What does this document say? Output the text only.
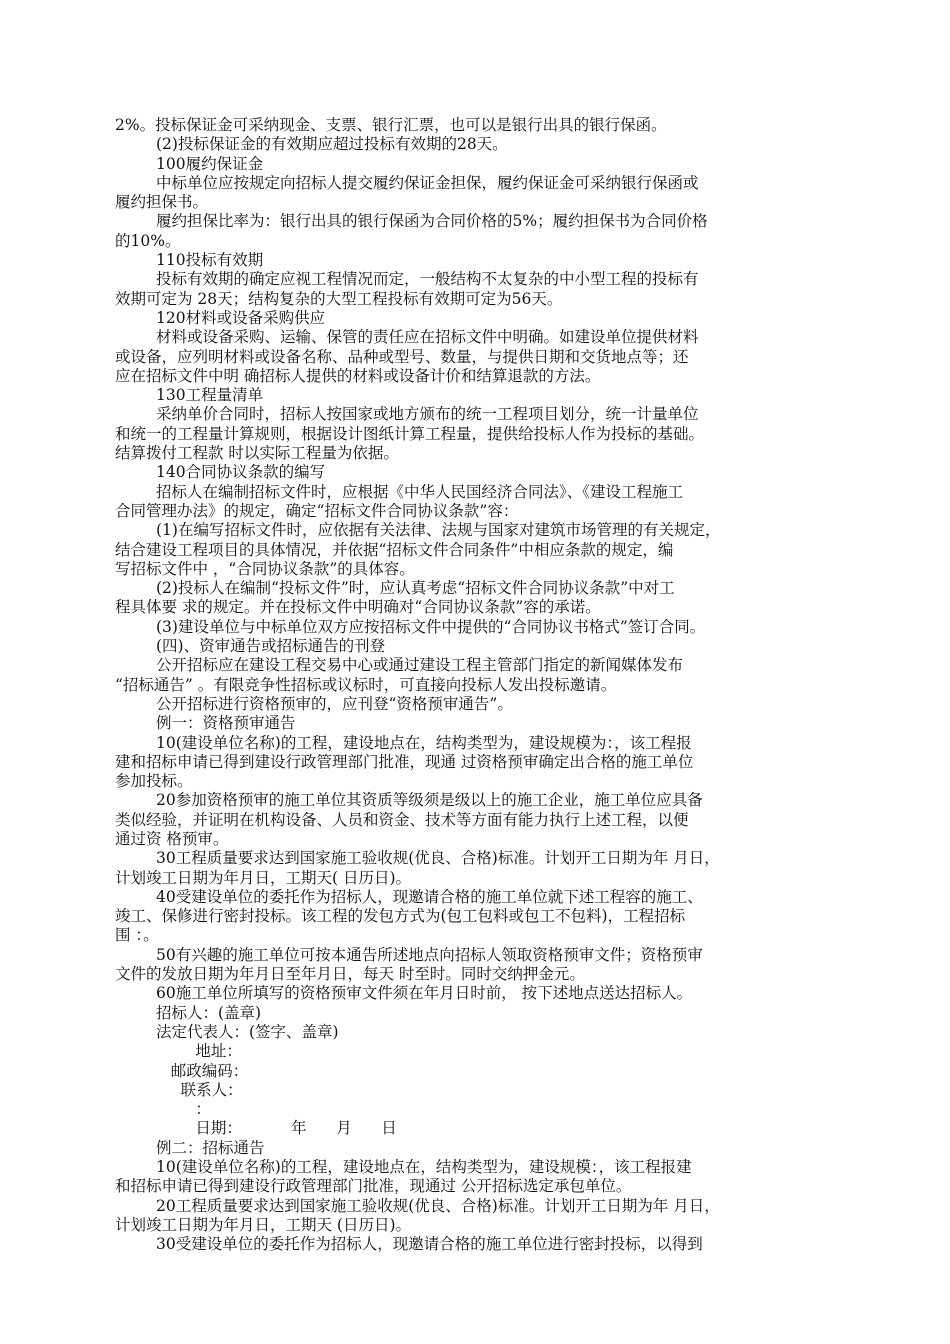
2%。投标保证金可采纳现金、支票、银行汇票，也可以是银行出具的银行保函。
(2)投标保证金的有效期应超过投标有效期的28天。
100履约保证金
中标单位应按规定向招标人提交履约保证金担保，履约保证金可采纳银行保函或
履约担保书。
履约担保比率为：银行出具的银行保函为合同价格的5%；履约担保书为合同价格
的10%。
110投标有效期
投标有效期的确定应视工程情况而定，一般结构不太复杂的中小型工程的投标有
效期可定为 28天；结构复杂的大型工程投标有效期可定为56天。
120材料或设备采购供应
材料或设备采购、运输、保管的责任应在招标文件中明确。如建设单位提供材料
或设备，应列明材料或设备名称、品种或型号、数量，与提供日期和交货地点等；还
应在招标文件中明 确招标人提供的材料或设备计价和结算退款的方法。
130工程量清单
采纳单价合同时，招标人按国家或地方颁布的统一工程项目划分，统一计量单位
和统一的工程量计算规则，根据设计图纸计算工程量，提供给投标人作为投标的基础。
结算拨付工程款 时以实际工程量为依据。
140合同协议条款的编写
招标人在编制招标文件时，应根据《中华人民国经济合同法》、《建设工程施工
合同管理办法》的规定，确定“招标文件合同协议条款”容：
(1)在编写招标文件时，应依据有关法律、法规与国家对建筑市场管理的有关规定，
结合建设工程项目的具体情况，并依据“招标文件合同条件”中相应条款的规定，编
写招标文件中 ，“合同协议条款”的具体容。
(2)投标人在编制“投标文件”时，应认真考虑“招标文件合同协议条款”中对工
程具体要 求的规定。并在投标文件中明确对“合同协议条款”容的承诺。
(3)建设单位与中标单位双方应按招标文件中提供的“合同协议书格式”签订合同。
(四)、资审通告或招标通告的刊登
公开招标应在建设工程交易中心或通过建设工程主管部门指定的新闻媒体发布
“招标通告” 。有限竞争性招标或议标时，可直接向投标人发出投标邀请。
公开招标进行资格预审的，应刊登“资格预审通告”。
例一：资格预审通告
10(建设单位名称)的工程，建设地点在，结构类型为，建设规模为：，该工程报
建和招标申请已得到建设行政管理部门批准，现通 过资格预审确定出合格的施工单位
参加投标。
20参加资格预审的施工单位其资质等级须是级以上的施工企业，施工单位应具备
类似经验，并证明在机构设备、人员和资金、技术等方面有能力执行上述工程，以便
通过资 格预审。
30工程质量要求达到国家施工验收规(优良、合格)标准。计划开工日期为年 月日，
计划竣工日期为年月日，工期天( 日历日)。
40受建设单位的委托作为招标人，现邀请合格的施工单位就下述工程容的施工、
竣工、保修进行密封投标。该工程的发包方式为(包工包料或包工不包料)，工程招标
围 ：。
50有兴趣的施工单位可按本通告所述地点向招标人领取资格预审文件；资格预审
文件的发放日期为年月日至年月日，每天 时至时。同时交纳押金元。
60施工单位所填写的资格预审文件须在年月日时前， 按下述地点送达招标人。
招标人：(盖章)
法定代表人：(签字、盖章)
地址：
邮政编码：
联系人：
：
日期：          年      月      日
例二：招标通告
10(建设单位名称)的工程，建设地点在，结构类型为，建设规模：，该工程报建
和招标申请已得到建设行政管理部门批准，现通过 公开招标选定承包单位。
20工程质量要求达到国家施工验收规(优良、合格)标准。计划开工日期为年 月日，
计划竣工日期为年月日，工期天 (日历日)。
30受建设单位的委托作为招标人，现邀请合格的施工单位进行密封投标，以得到
